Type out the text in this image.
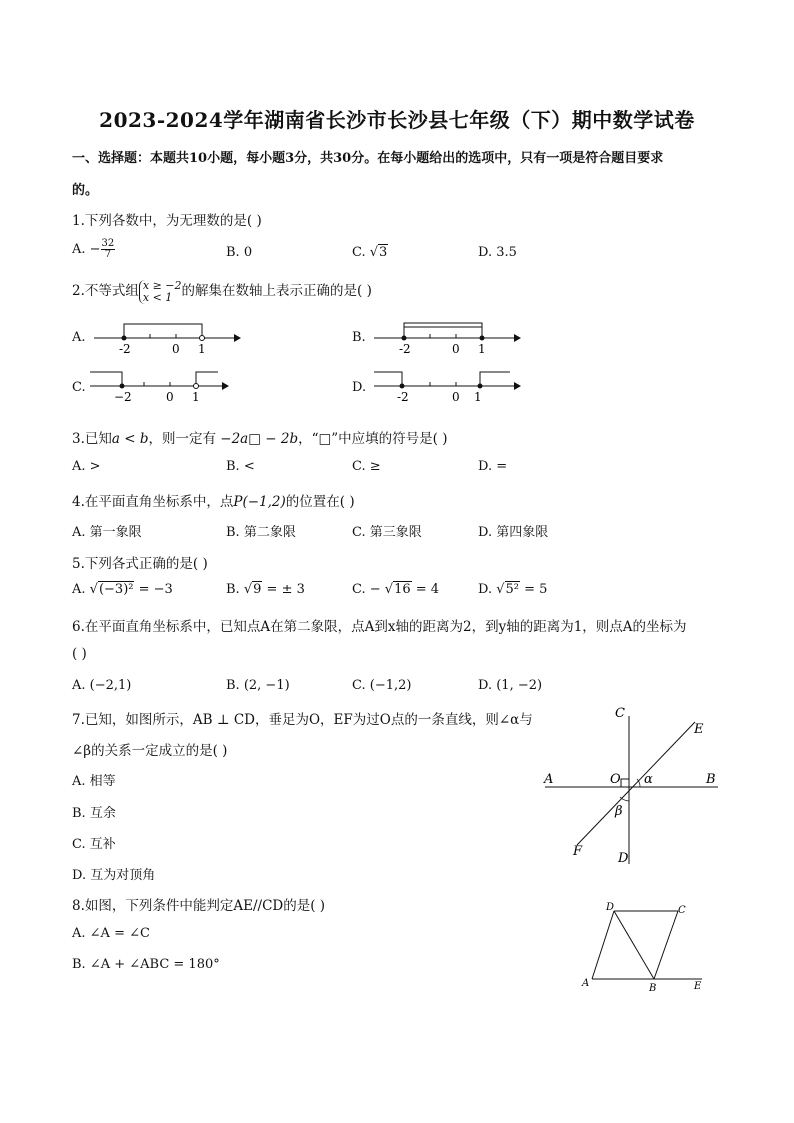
2023-2024学年湖南省长沙市长沙县七年级（下）期中数学试卷
一、选择题：本题共10小题，每小题3分，共30分。在每小题给出的选项中，只有一项是符合题目要求
的。
1.下列各数中，为无理数的是( )
A. − $\frac{32}{7}$	B. 0	C. √3	D. 3.5
2.不等式组 x ≥ −2
x < 1 的解集在数轴上表示正确的是( )
A.
-2	0 1
B.
-2	0 1
C.
−2	0 1
D.
-2	0 1
3.已知a < b，则一定有 −2a□ − 2b，“□”中应填的符号是( )
A. >	B. <	C. ≥	D. =
4.在平面直角坐标系中，点P(−1,2)的位置在( )
A. 第一象限	B. 第二象限	C. 第三象限	D. 第四象限
5.下列各式正确的是( )
A. √(−3)² = −3	B. √9 = ± 3	C. − √16 = 4	D. √5² = 5
6.在平面直角坐标系中，已知点A在第二象限，点A到x轴的距离为2，到y轴的距离为1，则点A的坐标为
( )
A. (−2,1)	B. (2, −1)	C. (−1,2)	D. (1, −2)
7.已知，如图所示，AB ⊥ CD，垂足为O，EF为过O点的一条直线，则∠α与
∠β的关系一定成立的是( )
A. 相等
B. 互余
C. 互补
D. 互为对顶角
C
D
A	B
E
F
O α
β
8.如图，下列条件中能判定AE//CD的是( )
A. ∠A = ∠C
B. ∠A + ∠ABC = 180°
A	B
C
D
E
